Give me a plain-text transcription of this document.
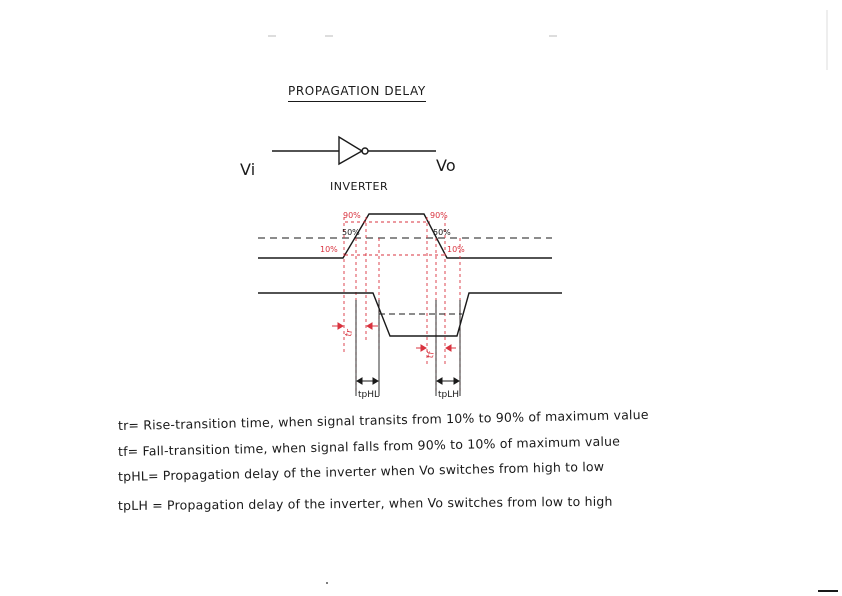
PROPAGATION DELAY
Vi	Vo
INVERTER
90%
50%
10%
90%
50%
10%
tr
tf
tpHL	tpLH
tr= Rise-transition time, when signal transits from 10% to 90% of maximum value
tf= Fall-transition time, when signal falls from 90% to 10% of maximum value
tpHL= Propagation delay of the inverter when Vo switches from high to low
tpLH = Propagation delay of the inverter, when Vo switches from low to high
